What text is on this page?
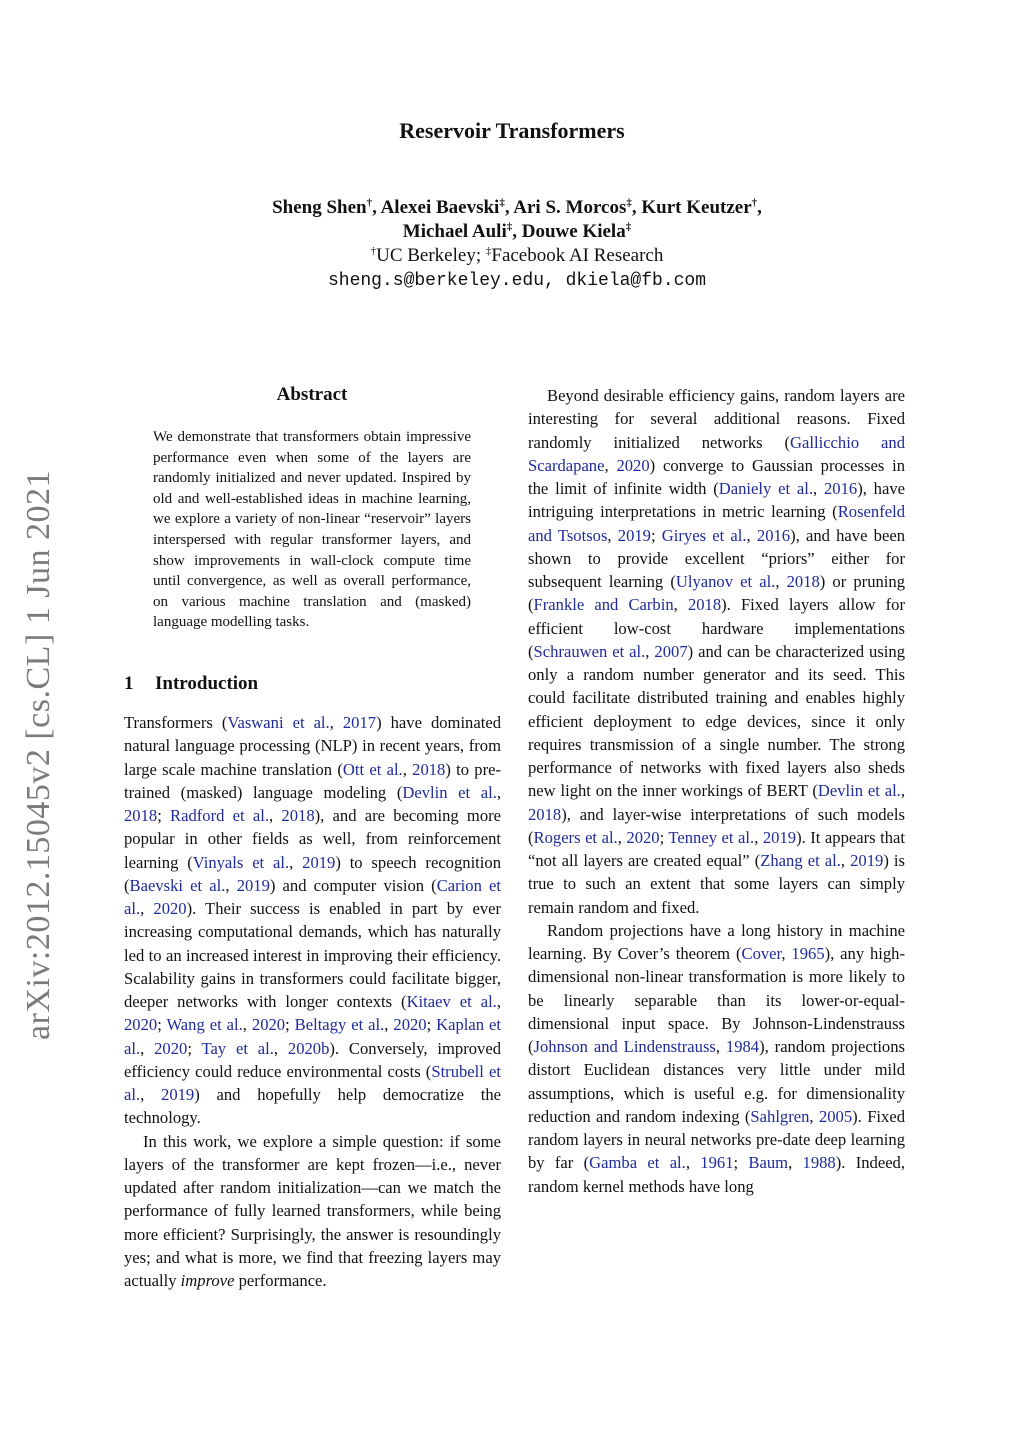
arXiv:2012.15045v2 [cs.CL] 1 Jun 2021
Reservoir Transformers
Sheng Shen†, Alexei Baevski‡, Ari S. Morcos‡, Kurt Keutzer†,
Michael Auli‡, Douwe Kiela‡
†UC Berkeley; ‡Facebook AI Research
sheng.s@berkeley.edu, dkiela@fb.com
Abstract

We demonstrate that transformers obtain impressive performance even when some of the layers are randomly initialized and never updated. Inspired by old and well-established ideas in machine learning, we explore a variety of non-linear “reservoir” layers interspersed with regular transformer layers, and show improvements in wall-clock compute time until convergence, as well as overall performance, on various machine translation and (masked) language modelling tasks.

1 Introduction

Transformers (Vaswani et al., 2017) have dominated natural language processing (NLP) in recent years, from large scale machine translation (Ott et al., 2018) to pre-trained (masked) language modeling (Devlin et al., 2018; Radford et al., 2018), and are becoming more popular in other fields as well, from reinforcement learning (Vinyals et al., 2019) to speech recognition (Baevski et al., 2019) and computer vision (Carion et al., 2020). Their success is enabled in part by ever increasing computational demands, which has naturally led to an increased interest in improving their efficiency. Scalability gains in transformers could facilitate bigger, deeper networks with longer contexts (Kitaev et al., 2020; Wang et al., 2020; Beltagy et al., 2020; Kaplan et al., 2020; Tay et al., 2020b). Conversely, improved efficiency could reduce environmental costs (Strubell et al., 2019) and hopefully help democratize the technology.

In this work, we explore a simple question: if some layers of the transformer are kept frozen—i.e., never updated after random initialization—can we match the performance of fully learned transformers, while being more efficient? Surprisingly, the answer is resoundingly yes; and what is more, we find that freezing layers may actually improve performance.

Beyond desirable efficiency gains, random layers are interesting for several additional reasons. Fixed randomly initialized networks (Gallicchio and Scardapane, 2020) converge to Gaussian processes in the limit of infinite width (Daniely et al., 2016), have intriguing interpretations in metric learning (Rosenfeld and Tsotsos, 2019; Giryes et al., 2016), and have been shown to provide excellent “priors” either for subsequent learning (Ulyanov et al., 2018) or pruning (Frankle and Carbin, 2018). Fixed layers allow for efficient low-cost hardware implementations (Schrauwen et al., 2007) and can be characterized using only a random number generator and its seed. This could facilitate distributed training and enables highly efficient deployment to edge devices, since it only requires transmission of a single number. The strong performance of networks with fixed layers also sheds new light on the inner workings of BERT (Devlin et al., 2018), and layer-wise interpretations of such models (Rogers et al., 2020; Tenney et al., 2019). It appears that “not all layers are created equal” (Zhang et al., 2019) is true to such an extent that some layers can simply remain random and fixed.

Random projections have a long history in machine learning. By Cover’s theorem (Cover, 1965), any high-dimensional non-linear transformation is more likely to be linearly separable than its lower-or-equal-dimensional input space. By Johnson-Lindenstrauss (Johnson and Lindenstrauss, 1984), random projections distort Euclidean distances very little under mild assumptions, which is useful e.g. for dimensionality reduction and random indexing (Sahlgren, 2005). Fixed random layers in neural networks pre-date deep learning by far (Gamba et al., 1961; Baum, 1988). Indeed, random kernel methods have long
